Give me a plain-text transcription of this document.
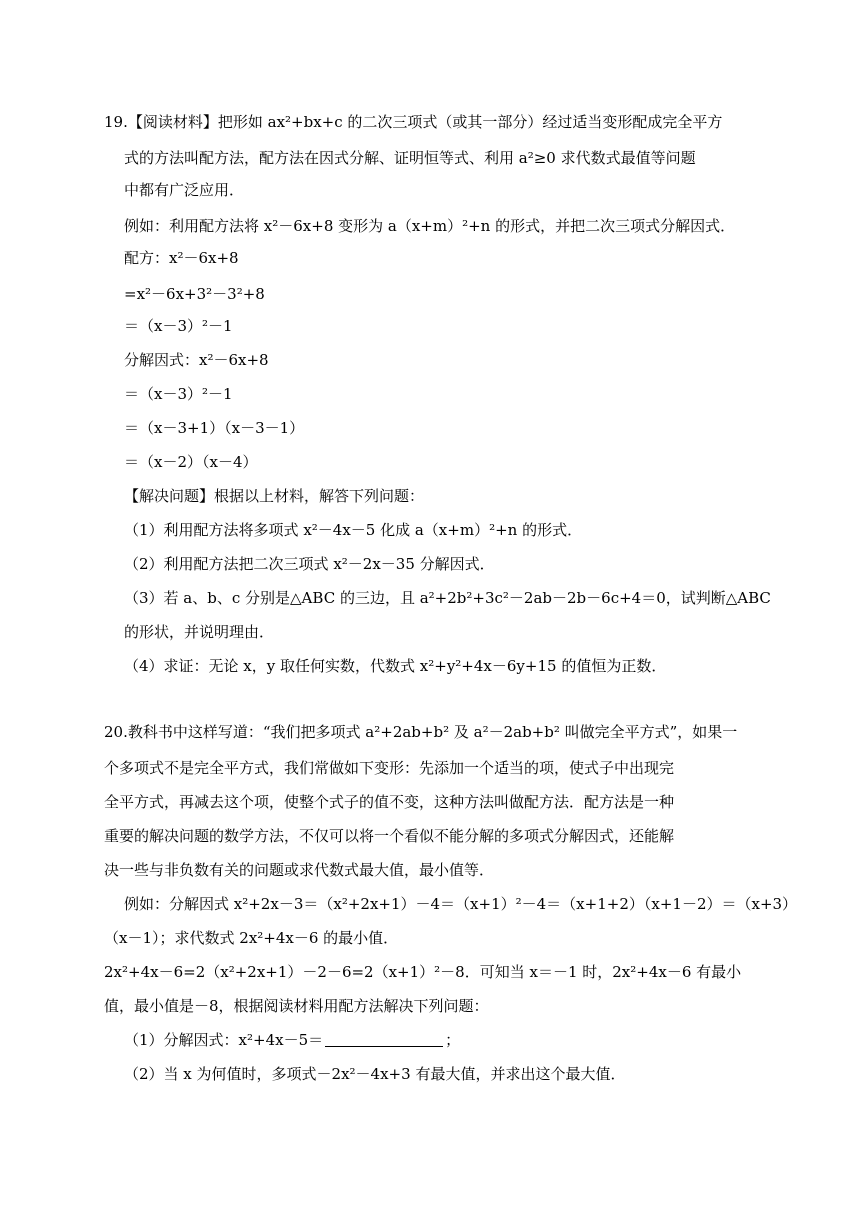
19.【阅读材料】把形如 ax²+bx+c 的二次三项式（或其一部分）经过适当变形配成完全平方
式的方法叫配方法，配方法在因式分解、证明恒等式、利用 a²≥0 求代数式最值等问题
中都有广泛应用．
例如：利用配方法将 x²－6x+8 变形为 a（x+m）²+n 的形式，并把二次三项式分解因式．
配方：x²－6x+8
=x²－6x+3²－3²+8
＝（x－3）²－1
分解因式：x²－6x+8
＝（x－3）²－1
＝（x－3+1）（x－3－1）
＝（x－2）（x－4）
【解决问题】根据以上材料，解答下列问题：
（1）利用配方法将多项式 x²－4x－5 化成 a（x+m）²+n 的形式．
（2）利用配方法把二次三项式 x²－2x－35 分解因式．
（3）若 a、b、c 分别是△ABC 的三边，且 a²+2b²+3c²－2ab－2b－6c+4＝0，试判断△ABC
的形状，并说明理由．
（4）求证：无论 x，y 取任何实数，代数式 x²+y²+4x－6y+15 的值恒为正数．
20.教科书中这样写道：“我们把多项式 a²+2ab+b² 及 a²－2ab+b² 叫做完全平方式”，如果一
个多项式不是完全平方式，我们常做如下变形：先添加一个适当的项，使式子中出现完
全平方式，再减去这个项，使整个式子的值不变，这种方法叫做配方法．配方法是一种
重要的解决问题的数学方法，不仅可以将一个看似不能分解的多项式分解因式，还能解
决一些与非负数有关的问题或求代数式最大值，最小值等．
例如：分解因式 x²+2x－3＝（x²+2x+1）－4＝（x+1）²－4＝（x+1+2）（x+1－2）＝（x+3）
（x－1）；求代数式 2x²+4x－6 的最小值．
2x²+4x－6=2（x²+2x+1）－2－6=2（x+1）²－8．可知当 x＝－1 时，2x²+4x－6 有最小
值，最小值是－8，根据阅读材料用配方法解决下列问题：
（1）分解因式：x²+4x－5＝	；
（2）当 x 为何值时，多项式－2x²－4x+3 有最大值，并求出这个最大值．
